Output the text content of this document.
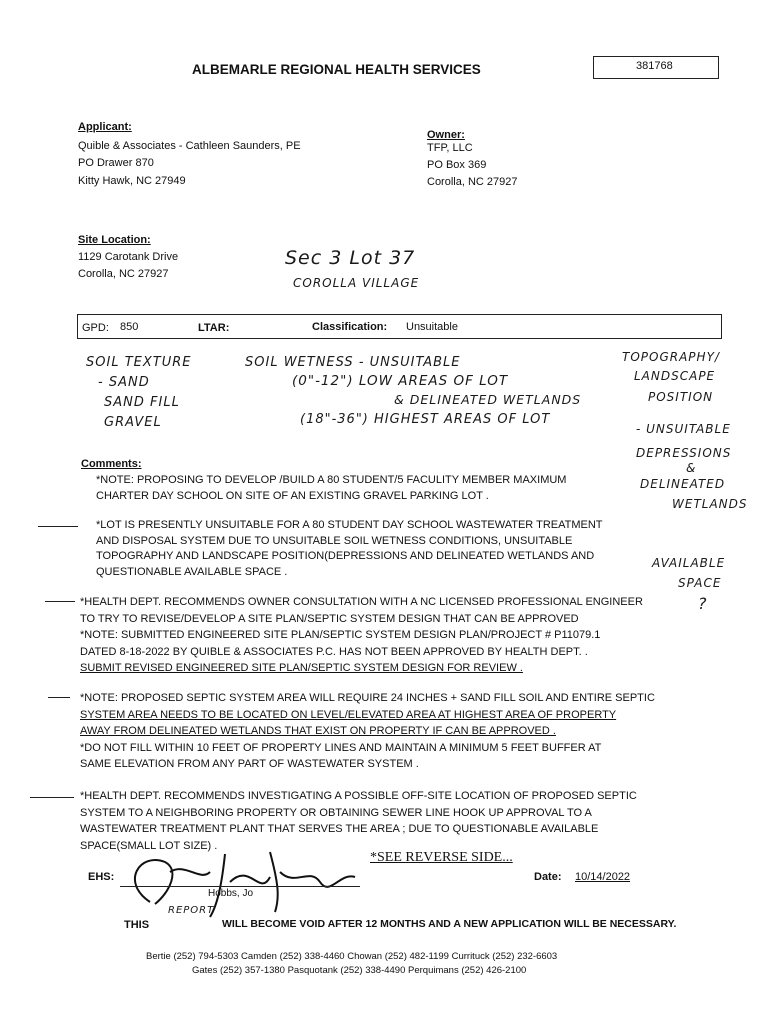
ALBEMARLE REGIONAL HEALTH SERVICES	381768
Applicant:
Quible & Associates - Cathleen Saunders, PE
PO Drawer 870
Kitty Hawk, NC 27949
Owner:
TFP, LLC
PO Box 369
Corolla, NC 27927
Site Location:
1129 Carotank Drive
Corolla, NC 27927
Sec 3 Lot 37
COROLLA VILLAGE
GPD: 850	LTAR:	Classification: Unsuitable
SOIL TEXTURE
- SAND
SAND FILL
GRAVEL
SOIL WETNESS - UNSUITABLE
(0"-12") LOW AREAS OF LOT
& DELINEATED WETLANDS
(18"-36") HIGHEST AREAS OF LOT
TOPOGRAPHY/
LANDSCAPE
POSITION
- UNSUITABLE
DEPRESSIONS
&
DELINEATED
WETLANDS
AVAILABLE
SPACE
?
Comments:
*NOTE: PROPOSING TO DEVELOP /BUILD A 80 STUDENT/5 FACULITY MEMBER MAXIMUM
CHARTER DAY SCHOOL ON SITE OF AN EXISTING GRAVEL PARKING LOT .
*LOT IS PRESENTLY UNSUITABLE FOR A 80 STUDENT DAY SCHOOL WASTEWATER TREATMENT
AND DISPOSAL SYSTEM DUE TO UNSUITABLE SOIL WETNESS CONDITIONS, UNSUITABLE
TOPOGRAPHY AND LANDSCAPE POSITION(DEPRESSIONS AND DELINEATED WETLANDS AND
QUESTIONABLE AVAILABLE SPACE .
*HEALTH DEPT. RECOMMENDS OWNER CONSULTATION WITH A NC LICENSED PROFESSIONAL ENGINEER
TO TRY TO REVISE/DEVELOP A SITE PLAN/SEPTIC SYSTEM DESIGN THAT CAN BE APPROVED
*NOTE: SUBMITTED ENGINEERED SITE PLAN/SEPTIC SYSTEM DESIGN PLAN/PROJECT # P11079.1
DATED 8-18-2022 BY QUIBLE & ASSOCIATES P.C. HAS NOT BEEN APPROVED BY HEALTH DEPT. .
SUBMIT REVISED ENGINEERED SITE PLAN/SEPTIC SYSTEM DESIGN FOR REVIEW .
*NOTE: PROPOSED SEPTIC SYSTEM AREA WILL REQUIRE 24 INCHES + SAND FILL SOIL AND ENTIRE SEPTIC
SYSTEM AREA NEEDS TO BE LOCATED ON LEVEL/ELEVATED AREA AT HIGHEST AREA OF PROPERTY
AWAY FROM DELINEATED WETLANDS THAT EXIST ON PROPERTY IF CAN BE APPROVED .
*DO NOT FILL WITHIN 10 FEET OF PROPERTY LINES AND MAINTAIN A MINIMUM 5 FEET BUFFER AT
SAME ELEVATION FROM ANY PART OF WASTEWATER SYSTEM .
*HEALTH DEPT. RECOMMENDS INVESTIGATING A POSSIBLE OFF-SITE LOCATION OF PROPOSED SEPTIC
SYSTEM TO A NEIGHBORING PROPERTY OR OBTAINING SEWER LINE HOOK UP APPROVAL TO A
WASTEWATER TREATMENT PLANT THAT SERVES THE AREA ; DUE TO QUESTIONABLE AVAILABLE
SPACE(SMALL LOT SIZE) .
*SEE REVERSE SIDE...
EHS:
Hobbs, Jo
Date: 10/14/2022
THIS
REPORT
WILL BECOME VOID AFTER 12 MONTHS AND A NEW APPLICATION WILL BE NECESSARY.
Bertie (252) 794-5303 Camden (252) 338-4460 Chowan (252) 482-1199 Currituck (252) 232-6603
Gates (252) 357-1380 Pasquotank (252) 338-4490 Perquimans (252) 426-2100
